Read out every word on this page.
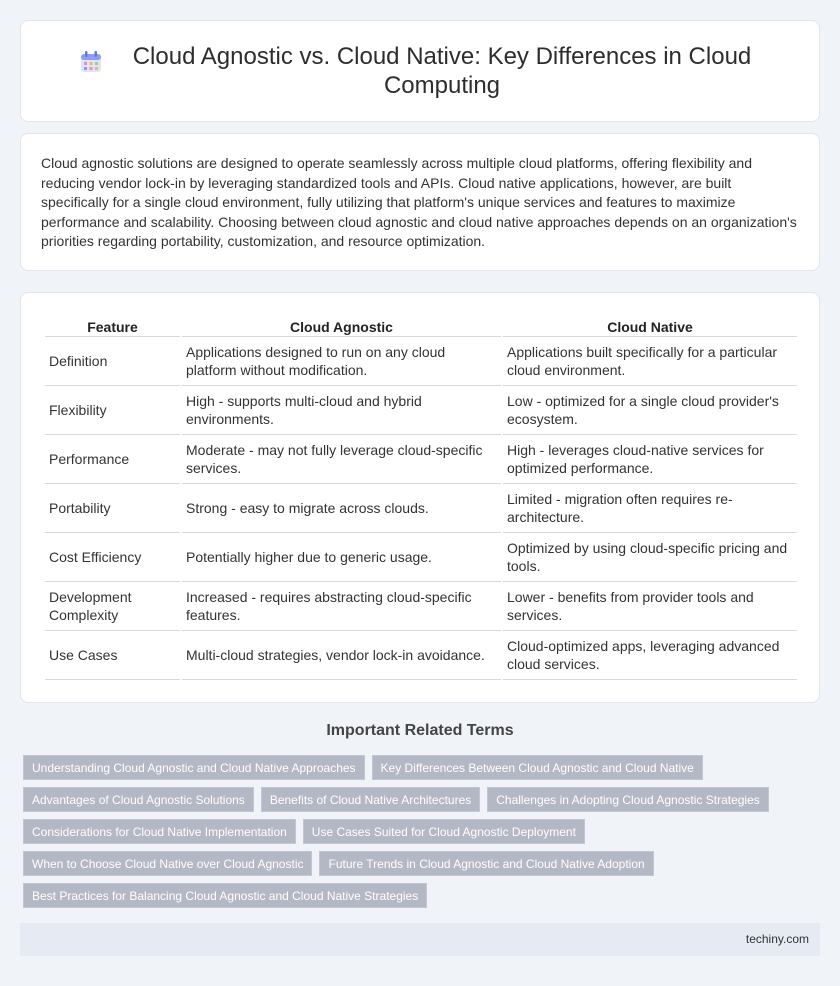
Cloud Agnostic vs. Cloud Native: Key Differences in Cloud Computing

Cloud agnostic solutions are designed to operate seamlessly across multiple cloud platforms, offering flexibility and reducing vendor lock-in by leveraging standardized tools and APIs. Cloud native applications, however, are built specifically for a single cloud environment, fully utilizing that platform's unique services and features to maximize performance and scalability. Choosing between cloud agnostic and cloud native approaches depends on an organization's priorities regarding portability, customization, and resource optimization.

Feature	Cloud Agnostic	Cloud Native
Definition	Applications designed to run on any cloud platform without modification.	Applications built specifically for a particular cloud environment.
Flexibility	High - supports multi-cloud and hybrid environments.	Low - optimized for a single cloud provider's ecosystem.
Performance	Moderate - may not fully leverage cloud-specific services.	High - leverages cloud-native services for optimized performance.
Portability	Strong - easy to migrate across clouds.	Limited - migration often requires re-architecture.
Cost Efficiency	Potentially higher due to generic usage.	Optimized by using cloud-specific pricing and tools.
Development Complexity	Increased - requires abstracting cloud-specific features.	Lower - benefits from provider tools and services.
Use Cases	Multi-cloud strategies, vendor lock-in avoidance.	Cloud-optimized apps, leveraging advanced cloud services.
Important Related Terms
Understanding Cloud Agnostic and Cloud Native Approaches	Key Differences Between Cloud Agnostic and Cloud Native
Advantages of Cloud Agnostic Solutions	Benefits of Cloud Native Architectures	Challenges in Adopting Cloud Agnostic Strategies
Considerations for Cloud Native Implementation	Use Cases Suited for Cloud Agnostic Deployment
When to Choose Cloud Native over Cloud Agnostic	Future Trends in Cloud Agnostic and Cloud Native Adoption
Best Practices for Balancing Cloud Agnostic and Cloud Native Strategies
techiny.com
